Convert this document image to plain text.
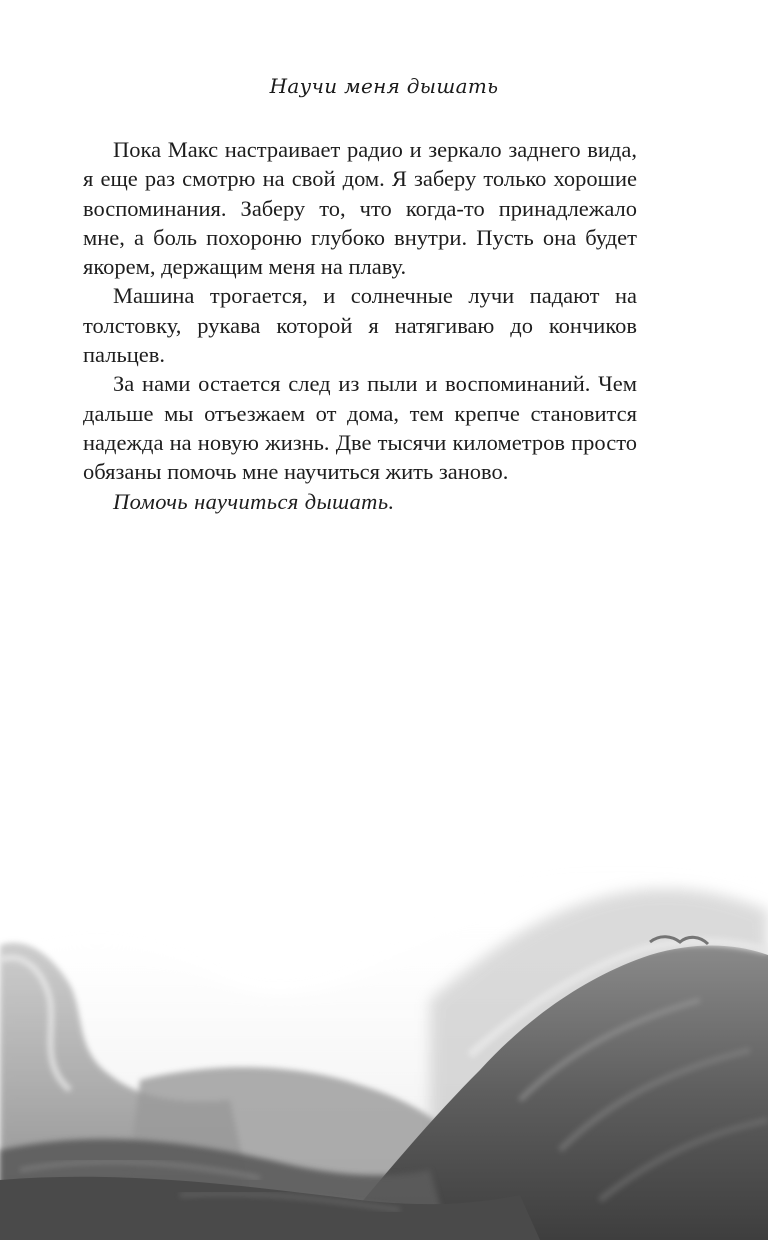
Научи меня дышать

Пока Макс настраивает радио и зеркало заднего вида, я еще раз смотрю на свой дом. Я заберу только хорошие воспоминания. Заберу то, что когда-то принадлежало мне, а боль похороню глубоко внутри. Пусть она будет якорем, держащим меня на плаву.

Машина трогается, и солнечные лучи падают на толстовку, рукава которой я натягиваю до кончиков пальцев.

За нами остается след из пыли и воспоминаний. Чем дальше мы отъезжаем от дома, тем крепче становится надежда на новую жизнь. Две тысячи километров просто обязаны помочь мне научиться жить заново.

Помочь научиться дышать.
